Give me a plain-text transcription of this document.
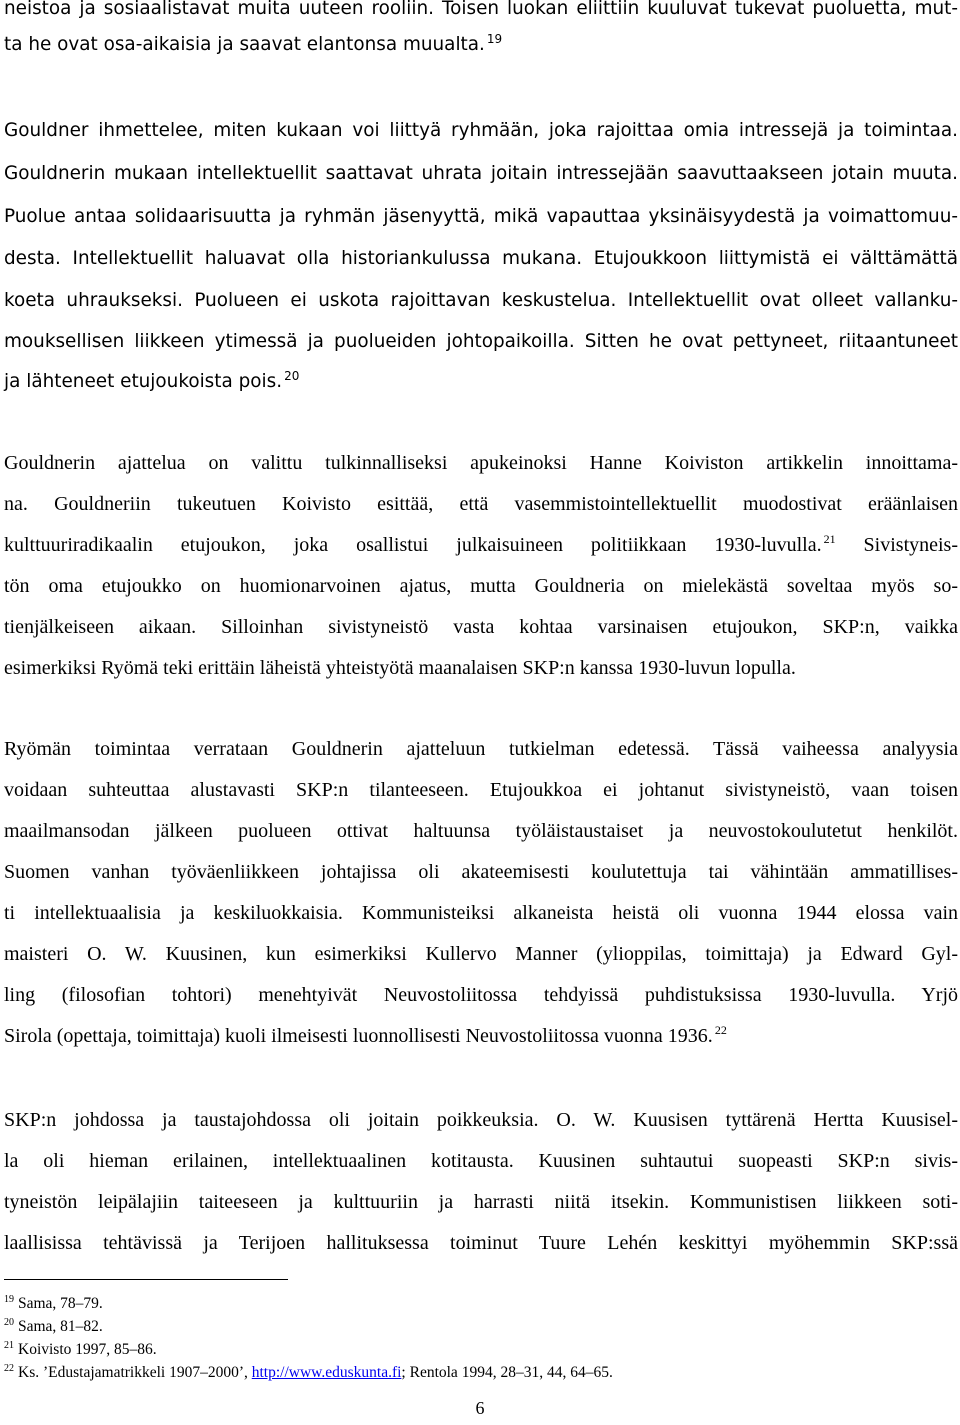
neistoa ja sosiaalistavat muita uuteen rooliin. Toisen luokan eliittiin kuuluvat tukevat puoluetta, mut-
ta he ovat osa-aikaisia ja saavat elantonsa muualta. $^{19}$
Gouldner ihmettelee, miten kukaan voi liittyä ryhmään, joka rajoittaa omia intressejä ja toimintaa.
Gouldnerin mukaan intellektuellit saattavat uhrata joitain intressejään saavuttaakseen jotain muuta.
Puolue antaa solidaarisuutta ja ryhmän jäsenyyttä, mikä vapauttaa yksinäisyydestä ja voimattomuu-
desta. Intellektuellit haluavat olla historiankulussa mukana. Etujoukkoon liittymistä ei välttämättä
koeta uhraukseksi. Puolueen ei uskota rajoittavan keskustelua. Intellektuellit ovat olleet vallanku-
mouksellisen liikkeen ytimessä ja puolueiden johtopaikoilla. Sitten he ovat pettyneet, riitaantuneet
ja lähteneet etujoukoista pois. $^{20}$
Gouldnerin ajattelua on valittu tulkinnalliseksi apukeinoksi Hanne Koiviston artikkelin innoittama-
na. Gouldneriin tukeutuen Koivisto esittää, että vasemmistointellektuellit muodostivat eräänlaisen
kulttuuriradikaalin etujoukon, joka osallistui julkaisuineen politiikkaan 1930-luvulla. $^{21}$ Sivistyneis-
tön oma etujoukko on huomionarvoinen ajatus, mutta Gouldneria on mielekästä soveltaa myös so-
tienjälkeiseen aikaan. Silloinhan sivistyneistö vasta kohtaa varsinaisen etujoukon, SKP:n, vaikka
esimerkiksi Ryömä teki erittäin läheistä yhteistyötä maanalaisen SKP:n kanssa 1930-luvun lopulla.
Ryömän toimintaa verrataan Gouldnerin ajatteluun tutkielman edetessä. Tässä vaiheessa analyysia
voidaan suhteuttaa alustavasti SKP:n tilanteeseen. Etujoukkoa ei johtanut sivistyneistö, vaan toisen
maailmansodan jälkeen puolueen ottivat haltuunsa työläistaustaiset ja neuvostokoulutetut henkilöt.
Suomen vanhan työväenliikkeen johtajissa oli akateemisesti koulutettuja tai vähintään ammatillises-
ti intellektuaalisia ja keskiluokkaisia. Kommunisteiksi alkaneista heistä oli vuonna 1944 elossa vain
maisteri O. W. Kuusinen, kun esimerkiksi Kullervo Manner (ylioppilas, toimittaja) ja Edward Gyl-
ling (filosofian tohtori) menehtyivät Neuvostoliitossa tehdyissä puhdistuksissa 1930-luvulla. Yrjö
Sirola (opettaja, toimittaja) kuoli ilmeisesti luonnollisesti Neuvostoliitossa vuonna 1936. $^{22}$
SKP:n johdossa ja taustajohdossa oli joitain poikkeuksia. O. W. Kuusisen tyttärenä Hertta Kuusisel-
la oli hieman erilainen, intellektuaalinen kotitausta. Kuusinen suhtautui suopeasti SKP:n sivis-
tyneistön leipälajiin taiteeseen ja kulttuuriin ja harrasti niitä itsekin. Kommunistisen liikkeen soti-
laallisissa tehtävissä ja Terijoen hallituksessa toiminut Tuure Lehén keskittyi myöhemmin SKP:ssä
$^{19}$ Sama, 78–79.
$^{20}$ Sama, 81–82.
$^{21}$ Koivisto 1997, 85–86.
$^{22}$ Ks. ’Edustajamatrikkeli 1907–2000’, http://www.eduskunta.fi; Rentola 1994, 28–31, 44, 64–65.
6
